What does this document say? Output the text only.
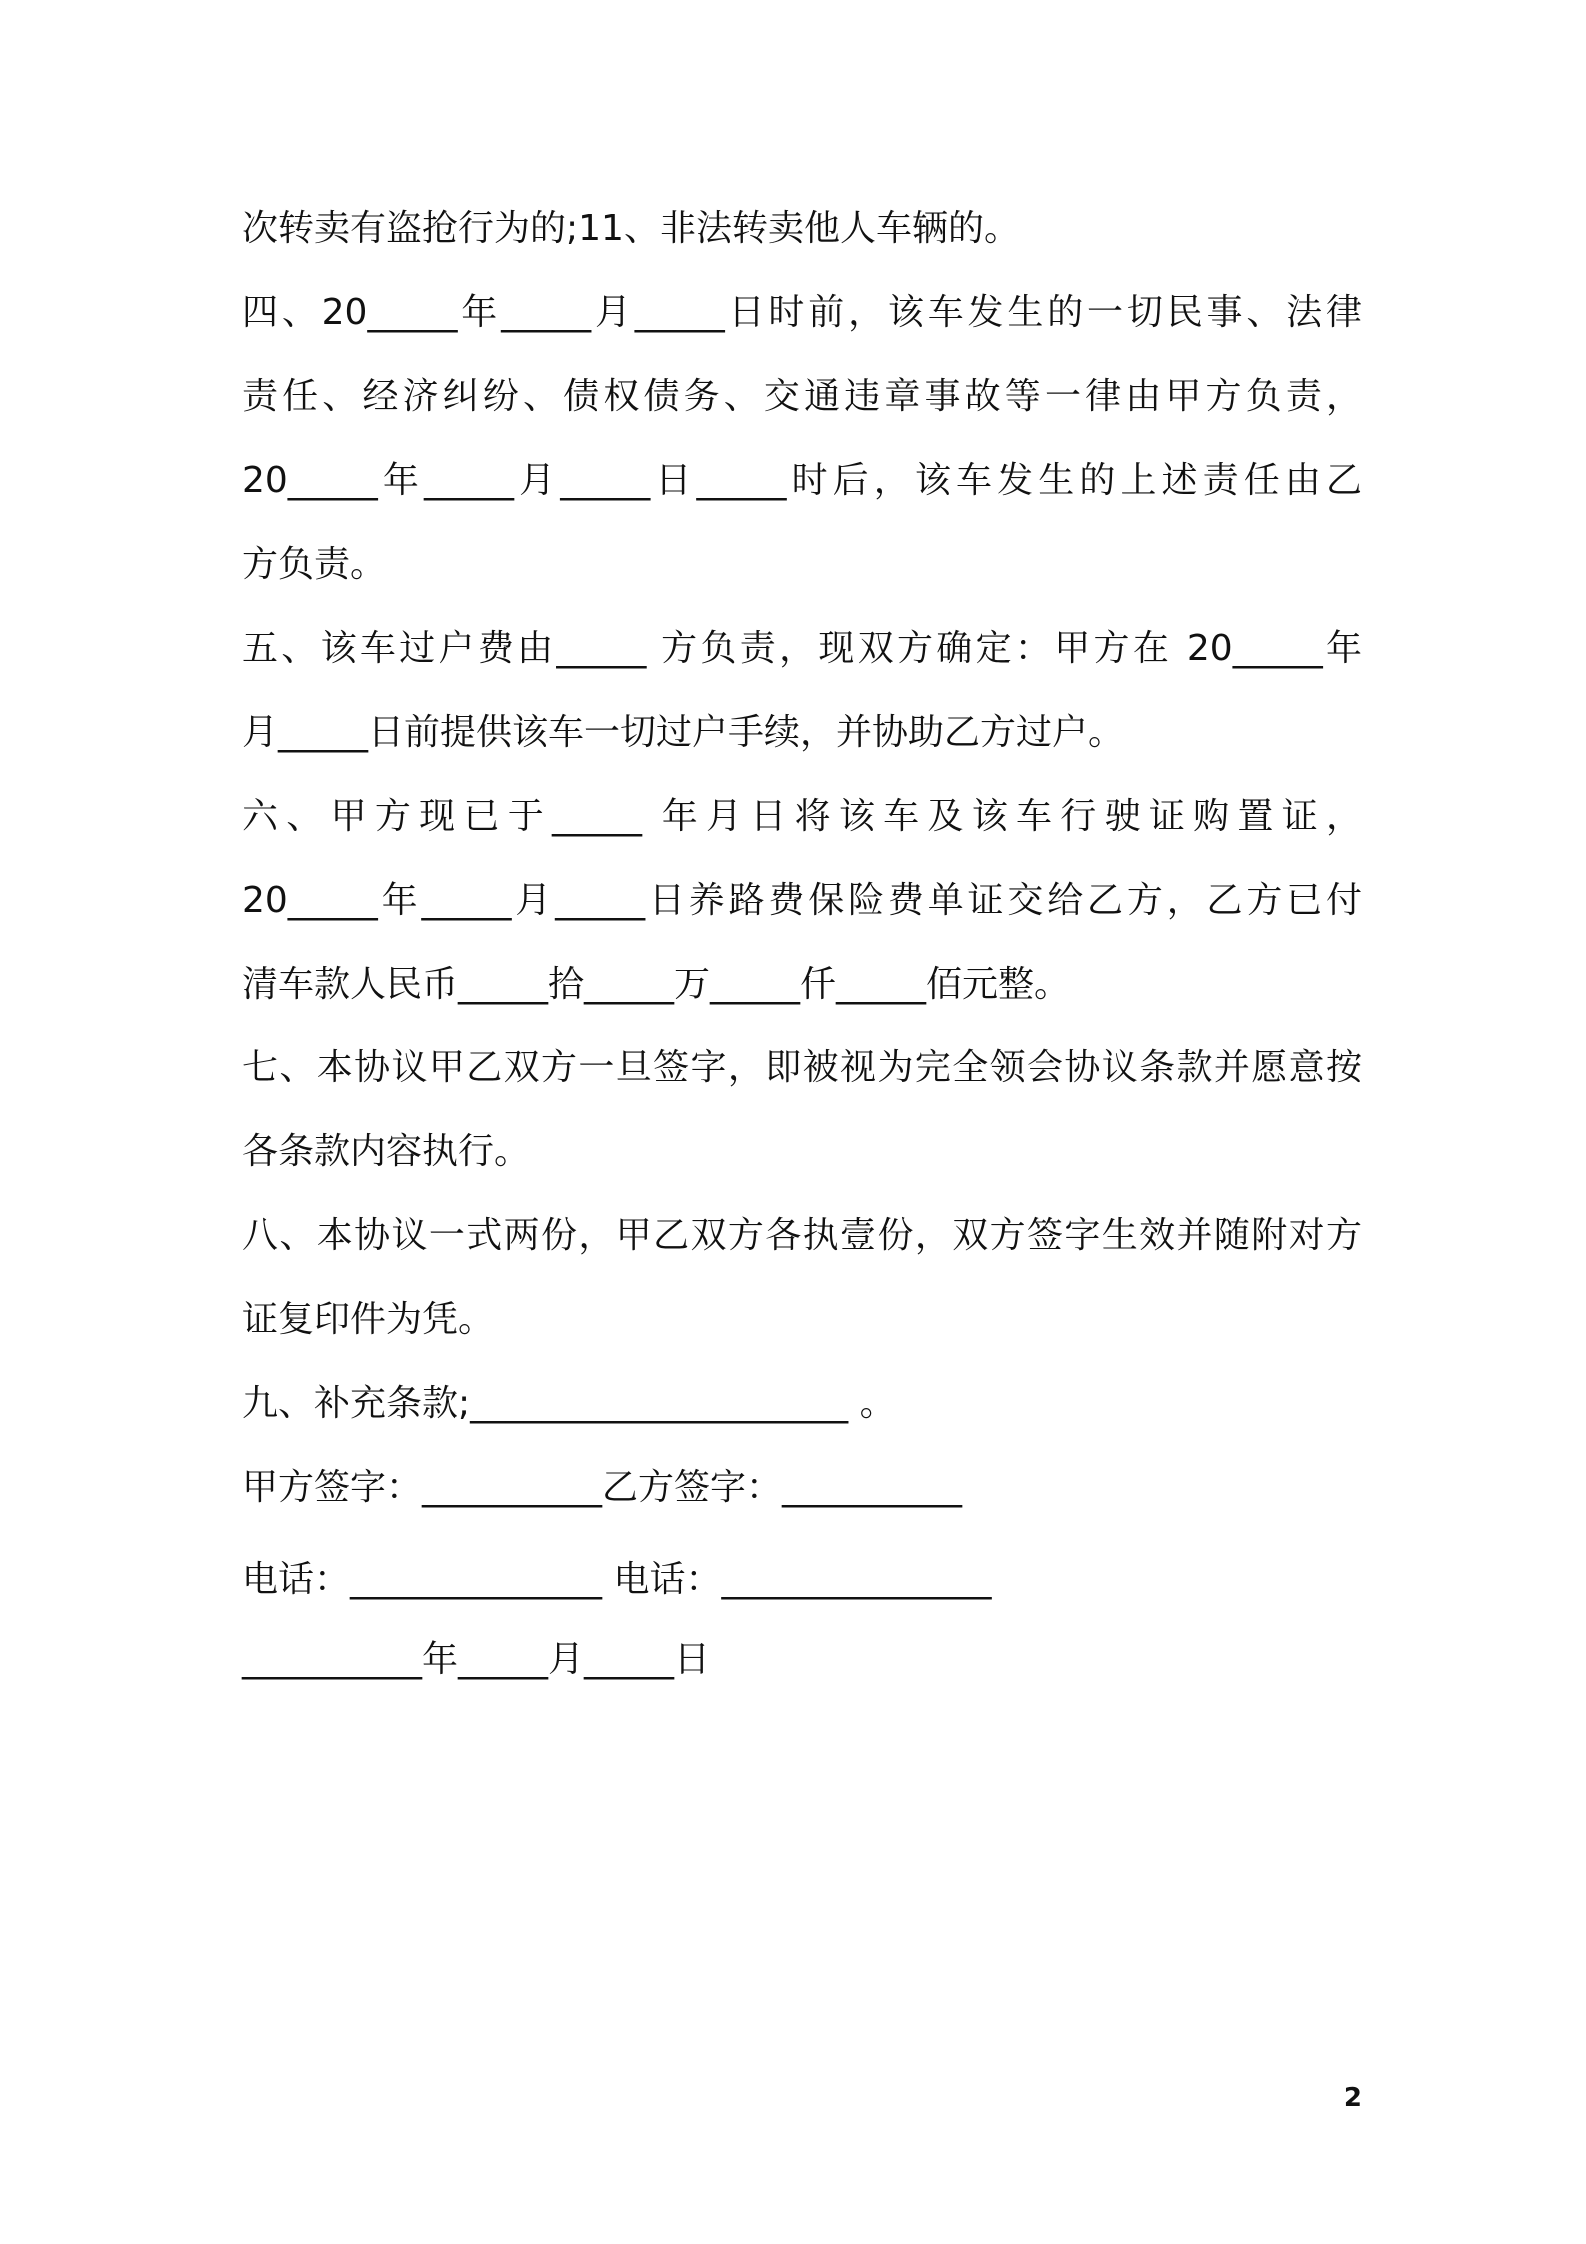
次转卖有盗抢行为的;11、非法转卖他人车辆的。
四、20_____年_____月_____日时前，该车发生的一切民事、法律
责任、经济纠纷、债权债务、交通违章事故等一律由甲方负责，
20_____年_____月_____日_____时后，该车发生的上述责任由乙
方负责。
五、该车过户费由_____ 方负责，现双方确定：甲方在 20_____年
月_____日前提供该车一切过户手续，并协助乙方过户。
六、甲方现已于_____ 年月日将该车及该车行驶证购置证，
20_____年_____月_____日养路费保险费单证交给乙方，乙方已付
清车款人民币_____拾_____万_____仟_____佰元整。
七、本协议甲乙双方一旦签字，即被视为完全领会协议条款并愿意按
各条款内容执行。
八、本协议一式两份，甲乙双方各执壹份，双方签字生效并随附对方
证复印件为凭。
九、补充条款;_____________________ 。
甲方签字：__________乙方签字：__________
电话：______________ 电话：_______________
__________年_____月_____日
2
